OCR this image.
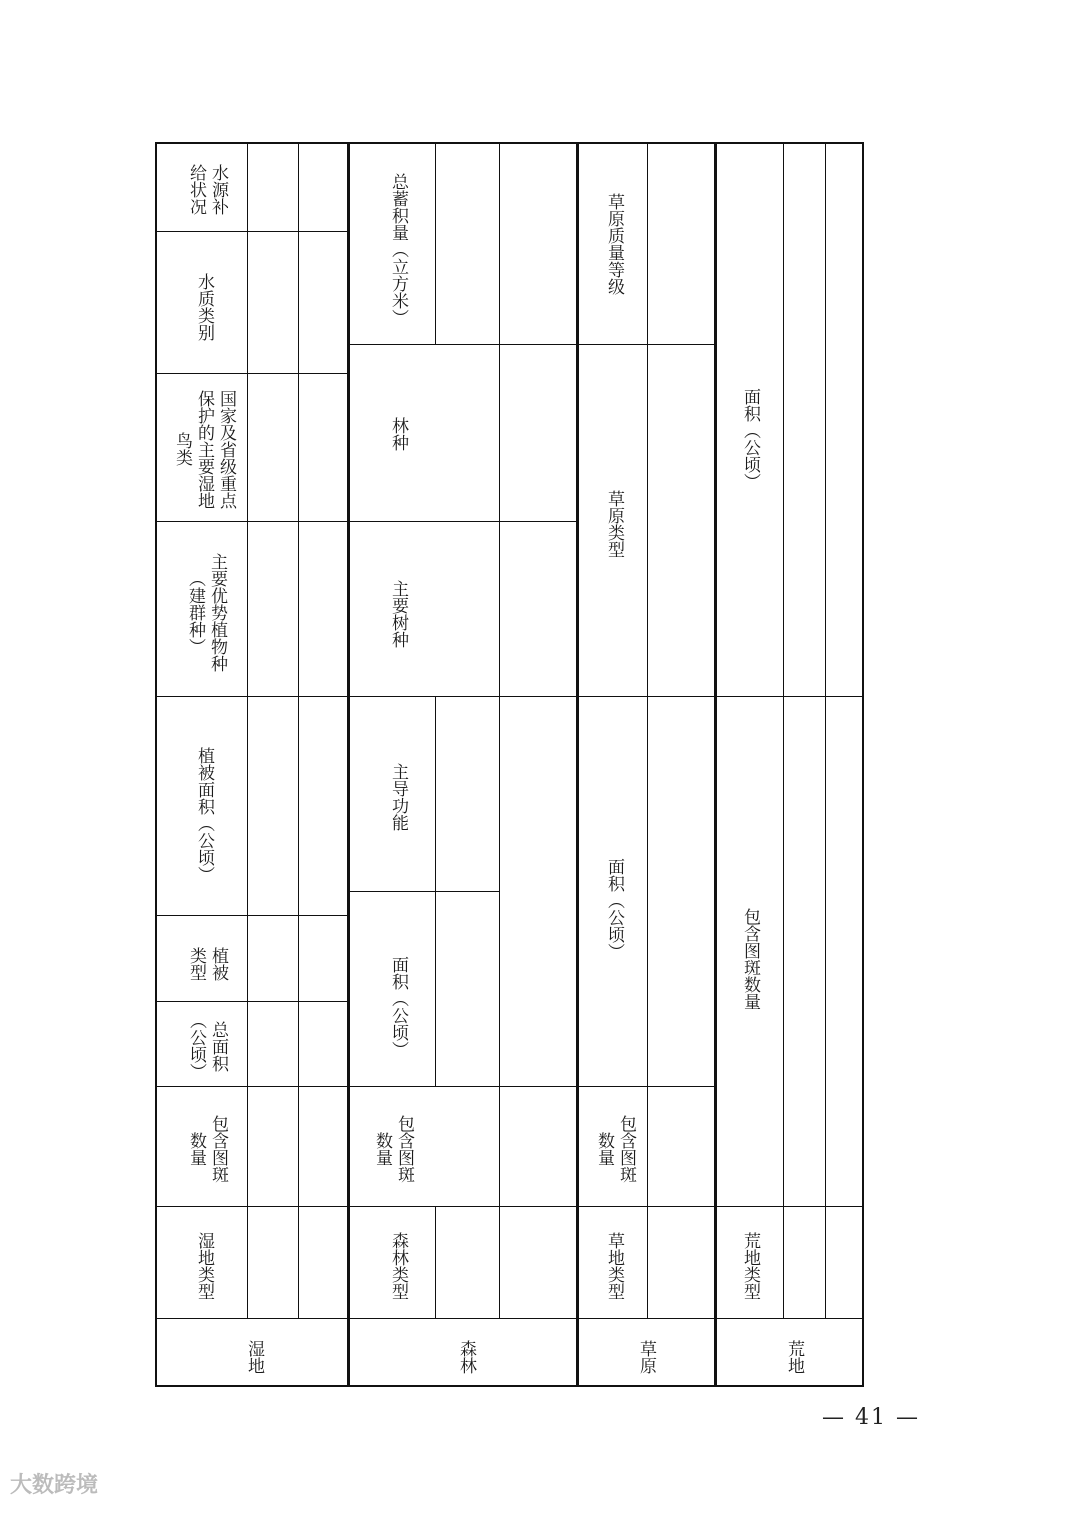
水源补
给状况
水质类别
国家及省级重点
保护的主要湿地
鸟类
主要优势植物种
（建群种）
植被面积（公顷）
植被
类型
总面积
（公顷）
包含图斑
数量
湿地类型
湿地
总蓄积量（立方米）
林种
主要树种
主导功能
面积（公顷）
包含图斑
数量
森林类型
森林
草原质量等级
草原类型
面积（公顷）
包含图斑
数量
草地类型
草原
面积（公顷）
包含图斑数量
荒地类型
荒地
— 41 —
大数跨境
